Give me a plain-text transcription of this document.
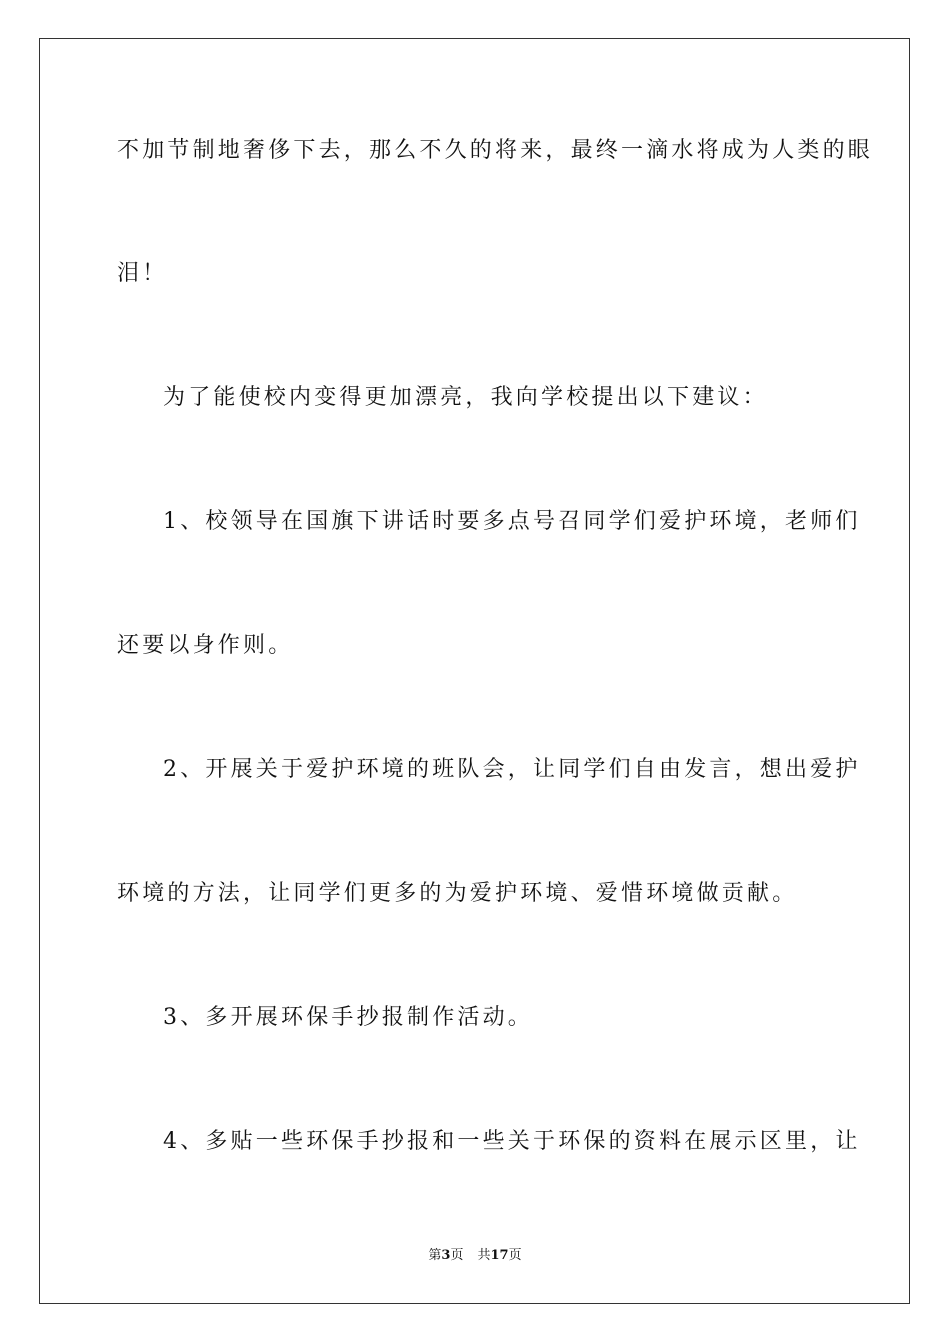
不加节制地奢侈下去，那么不久的将来，最终一滴水将成为人类的眼
泪！
为了能使校内变得更加漂亮，我向学校提出以下建议：
1、校领导在国旗下讲话时要多点号召同学们爱护环境，老师们
还要以身作则。
2、开展关于爱护环境的班队会，让同学们自由发言，想出爱护
环境的方法，让同学们更多的为爱护环境、爱惜环境做贡献。
3、多开展环保手抄报制作活动。
4、多贴一些环保手抄报和一些关于环保的资料在展示区里，让
第3页 共17页
